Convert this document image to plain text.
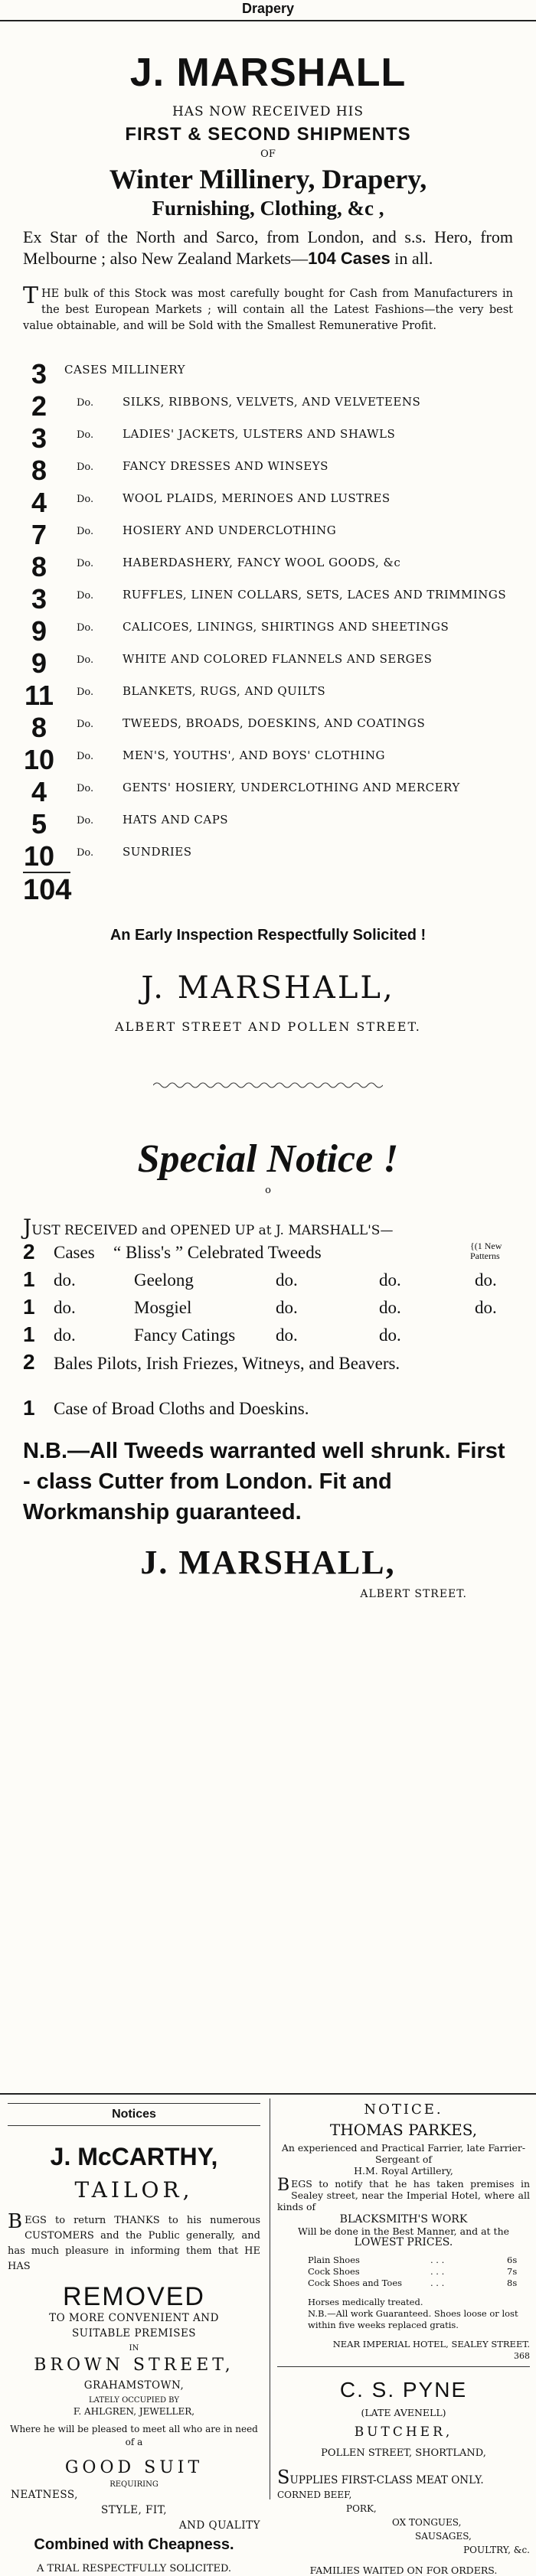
Drapery
J. MARSHALL
HAS NOW RECEIVED HIS
FIRST & SECOND SHIPMENTS
OF
Winter Millinery, Drapery,
Furnishing, Clothing, &c ,
Ex Star of the North and Sarco, from London, and s.s. Hero, from Melbourne ; also New Zealand Markets—104 Cases in all.
THE bulk of this Stock was most carefully bought for Cash from Manufacturers in the best European Markets ; will contain all the Latest Fashions—the very best value obtainable, and will be Sold with the Smallest Remunerative Profit.
3	CASES MILLINERY
2	Do.	SILKS, RIBBONS, VELVETS, AND VELVETEENS
3	Do.	LADIES' JACKETS, ULSTERS AND SHAWLS
8	Do.	FANCY DRESSES AND WINSEYS
4	Do.	WOOL PLAIDS, MERINOES AND LUSTRES
7	Do.	HOSIERY AND UNDERCLOTHING
8	Do.	HABERDASHERY, FANCY WOOL GOODS, &c
3	Do.	RUFFLES, LINEN COLLARS, SETS, LACES AND TRIMMINGS
9	Do.	CALICOES, LININGS, SHIRTINGS AND SHEETINGS
9	Do.	WHITE AND COLORED FLANNELS AND SERGES
11 Do.	BLANKETS, RUGS, AND QUILTS
8	Do.	TWEEDS, BROADS, DOESKINS, AND COATINGS
10 Do.	MEN'S, YOUTHS', AND BOYS' CLOTHING
4	Do.	GENTS' HOSIERY, UNDERCLOTHING AND MERCERY
5	Do.	HATS AND CAPS
10 Do.	SUNDRIES
104
An Early Inspection Respectfully Solicited !
J. MARSHALL,
ALBERT STREET AND POLLEN STREET.
Special Notice !
o
JUST RECEIVED and OPENED UP at J. MARSHALL'S—
2 Cases “ Bliss's ” Celebrated Tweeds	{(1 New Patterns
1 do.	Geelong	do.	do.	do.
1 do.	Mosgiel	do.	do.	do.
1 do.	Fancy Catings do.	do.
2 Bales Pilots, Irish Friezes, Witneys, and Beavers.
1 Case of Broad Cloths and Doeskins.
N.B.—All Tweeds warranted well shrunk. First - class Cutter from London. Fit and Workmanship guaranteed.
J. MARSHALL,
ALBERT STREET.
Notices
J. McCARTHY,
TAILOR,
BEGS to return THANKS to his numerous CUSTOMERS and the Public generally, and has much pleasure in informing them that HE HAS
REMOVED
TO MORE CONVENIENT AND
SUITABLE PREMISES
IN
BROWN STREET,
GRAHAMSTOWN,
LATELY OCCUPIED BY
F. AHLGREN, JEWELLER,
Where he will be pleased to meet all who are in need of a
GOOD SUIT
REQUIRING
NEATNESS,
STYLE, FIT,
AND QUALITY
Combined with Cheapness.
A TRIAL RESPECTFULLY SOLICITED.
NOTICE.
THOMAS PARKES,
An experienced and Practical Farrier, late Farrier-Sergeant of
H.M. Royal Artillery,
BEGS to notify that he has taken premises in Sealey street, near the Imperial Hotel, where all kinds of
BLACKSMITH'S WORK
Will be done in the Best Manner, and at the
LOWEST PRICES.
Plain Shoes	. . .	6s
Cock Shoes	. . .	7s
Cock Shoes and Toes	. . .	8s
Horses medically treated.
N.B.—All work Guaranteed. Shoes loose or lost within five weeks replaced gratis.
NEAR IMPERIAL HOTEL, SEALEY STREET.
368
C. S. PYNE
(LATE AVENELL)
BUTCHER,
POLLEN STREET, SHORTLAND,
SUPPLIES FIRST-CLASS MEAT ONLY.
CORNED BEEF,
PORK,
OX TONGUES,
SAUSAGES,
POULTRY, &c.
FAMILIES WAITED ON FOR ORDERS.
